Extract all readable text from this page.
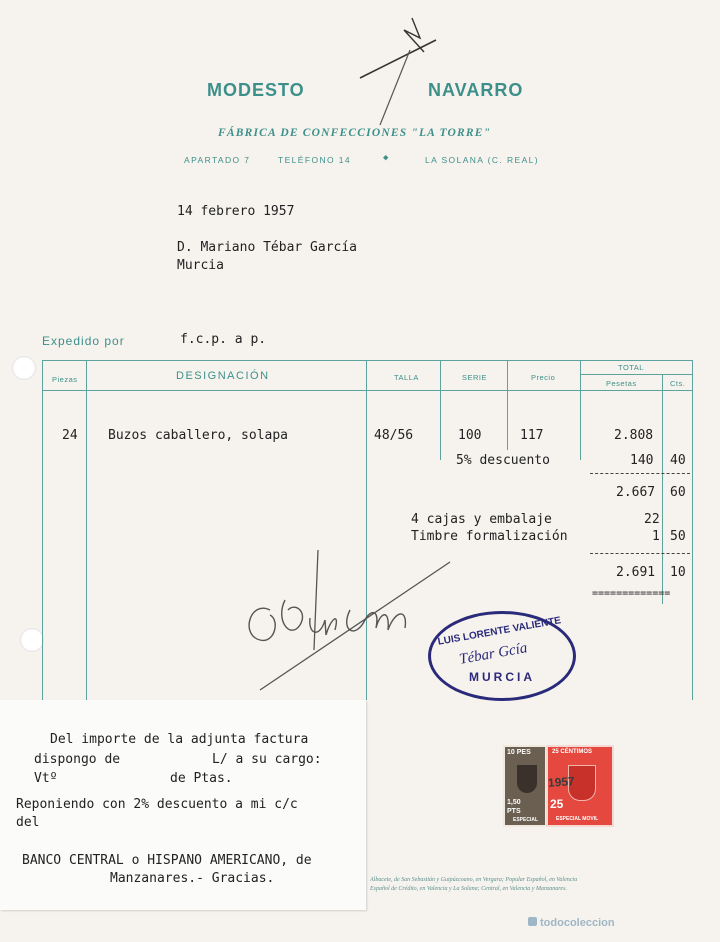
MODESTO	NAVARRO
FÁBRICA DE CONFECCIONES "LA TORRE"
APARTADO 7	TELÉFONO 14	◆	LA SOLANA (C. REAL)
14 febrero 1957
D. Mariano Tébar García
Murcia
Expedido por	f.c.p. a p.
Piezas	DESIGNACIÓN	TALLA	SERIE	Precio
TOTAL
Pesetas	Cts.
24 Buzos caballero, solapa	48/56	100	117	2.808
5% descuento	140 40
2.667 60
4 cajas y embalaje	22
Timbre formalización	1 50
2.691 10
=============
LUIS LORENTE VALIENTE
MURCIA
Tébar Gcía
10 PES
1,50
PTS
ESPECIAL
25 CÉNTIMOS
25
ESPECIAL MOVIL
1957
Albacete, de San Sebastián y Guipúzcoano, en Vergara; Popular Español, en Valencia
Español de Crédito, en Valencia y La Solana; Central, en Valencia y Manzanares.
Del importe de la adjunta factura
dispongo de	L/ a su cargo:
Vtº	de Ptas.
Reponiendo con 2% descuento a mi c/c
del
BANCO CENTRAL o HISPANO AMERICANO, de
Manzanares.- Gracias.
todocoleccion
